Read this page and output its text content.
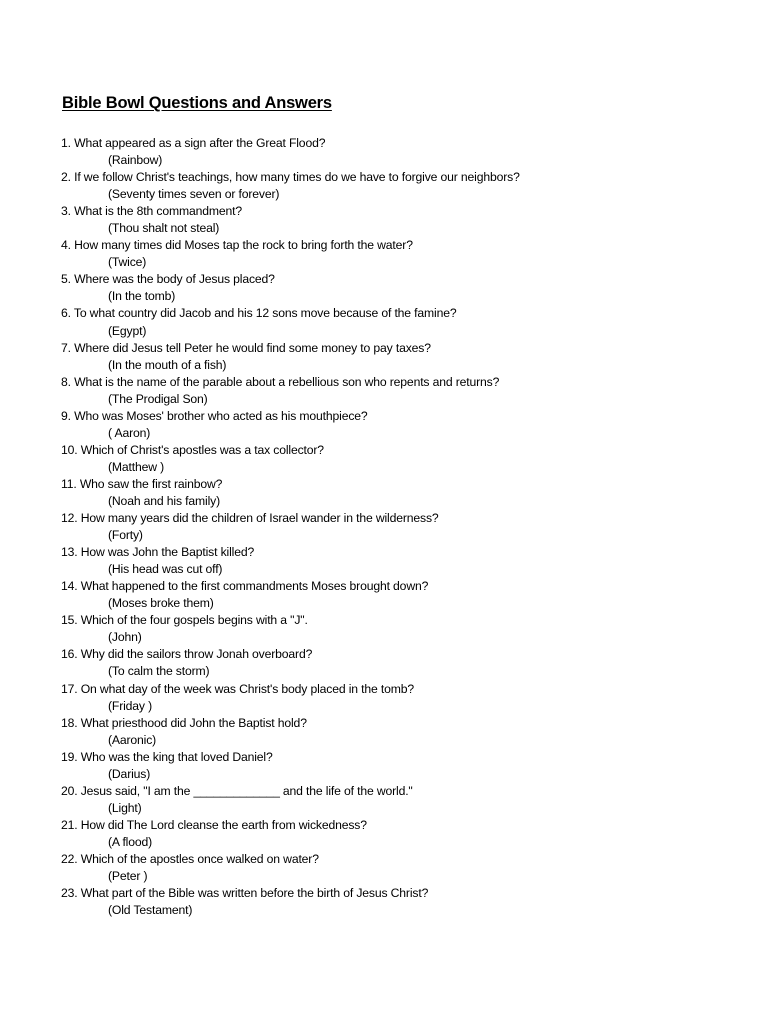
Bible Bowl Questions and Answers
1. What appeared as a sign after the Great Flood?
(Rainbow)
2. If we follow Christ's teachings, how many times do we have to forgive our neighbors?
(Seventy times seven or forever)
3. What is the 8th commandment?
(Thou shalt not steal)
4. How many times did Moses tap the rock to bring forth the water?
(Twice)
5. Where was the body of Jesus placed?
(In the tomb)
6. To what country did Jacob and his 12 sons move because of the famine?
(Egypt)
7. Where did Jesus tell Peter he would find some money to pay taxes?
(In the mouth of a fish)
8. What is the name of the parable about a rebellious son who repents and returns?
(The Prodigal Son)
9. Who was Moses' brother who acted as his mouthpiece?
( Aaron)
10. Which of Christ's apostles was a tax collector?
(Matthew )
11. Who saw the first rainbow?
(Noah and his family)
12. How many years did the children of Israel wander in the wilderness?
(Forty)
13. How was John the Baptist killed?
(His head was cut off)
14. What happened to the first commandments Moses brought down?
(Moses broke them)
15. Which of the four gospels begins with a "J".
(John)
16. Why did the sailors throw Jonah overboard?
(To calm the storm)
17. On what day of the week was Christ's body placed in the tomb?
(Friday )
18. What priesthood did John the Baptist hold?
(Aaronic)
19. Who was the king that loved Daniel?
(Darius)
20. Jesus said, "I am the _____________ and the life of the world."
(Light)
21. How did The Lord cleanse the earth from wickedness?
(A flood)
22. Which of the apostles once walked on water?
(Peter )
23. What part of the Bible was written before the birth of Jesus Christ?
(Old Testament)
